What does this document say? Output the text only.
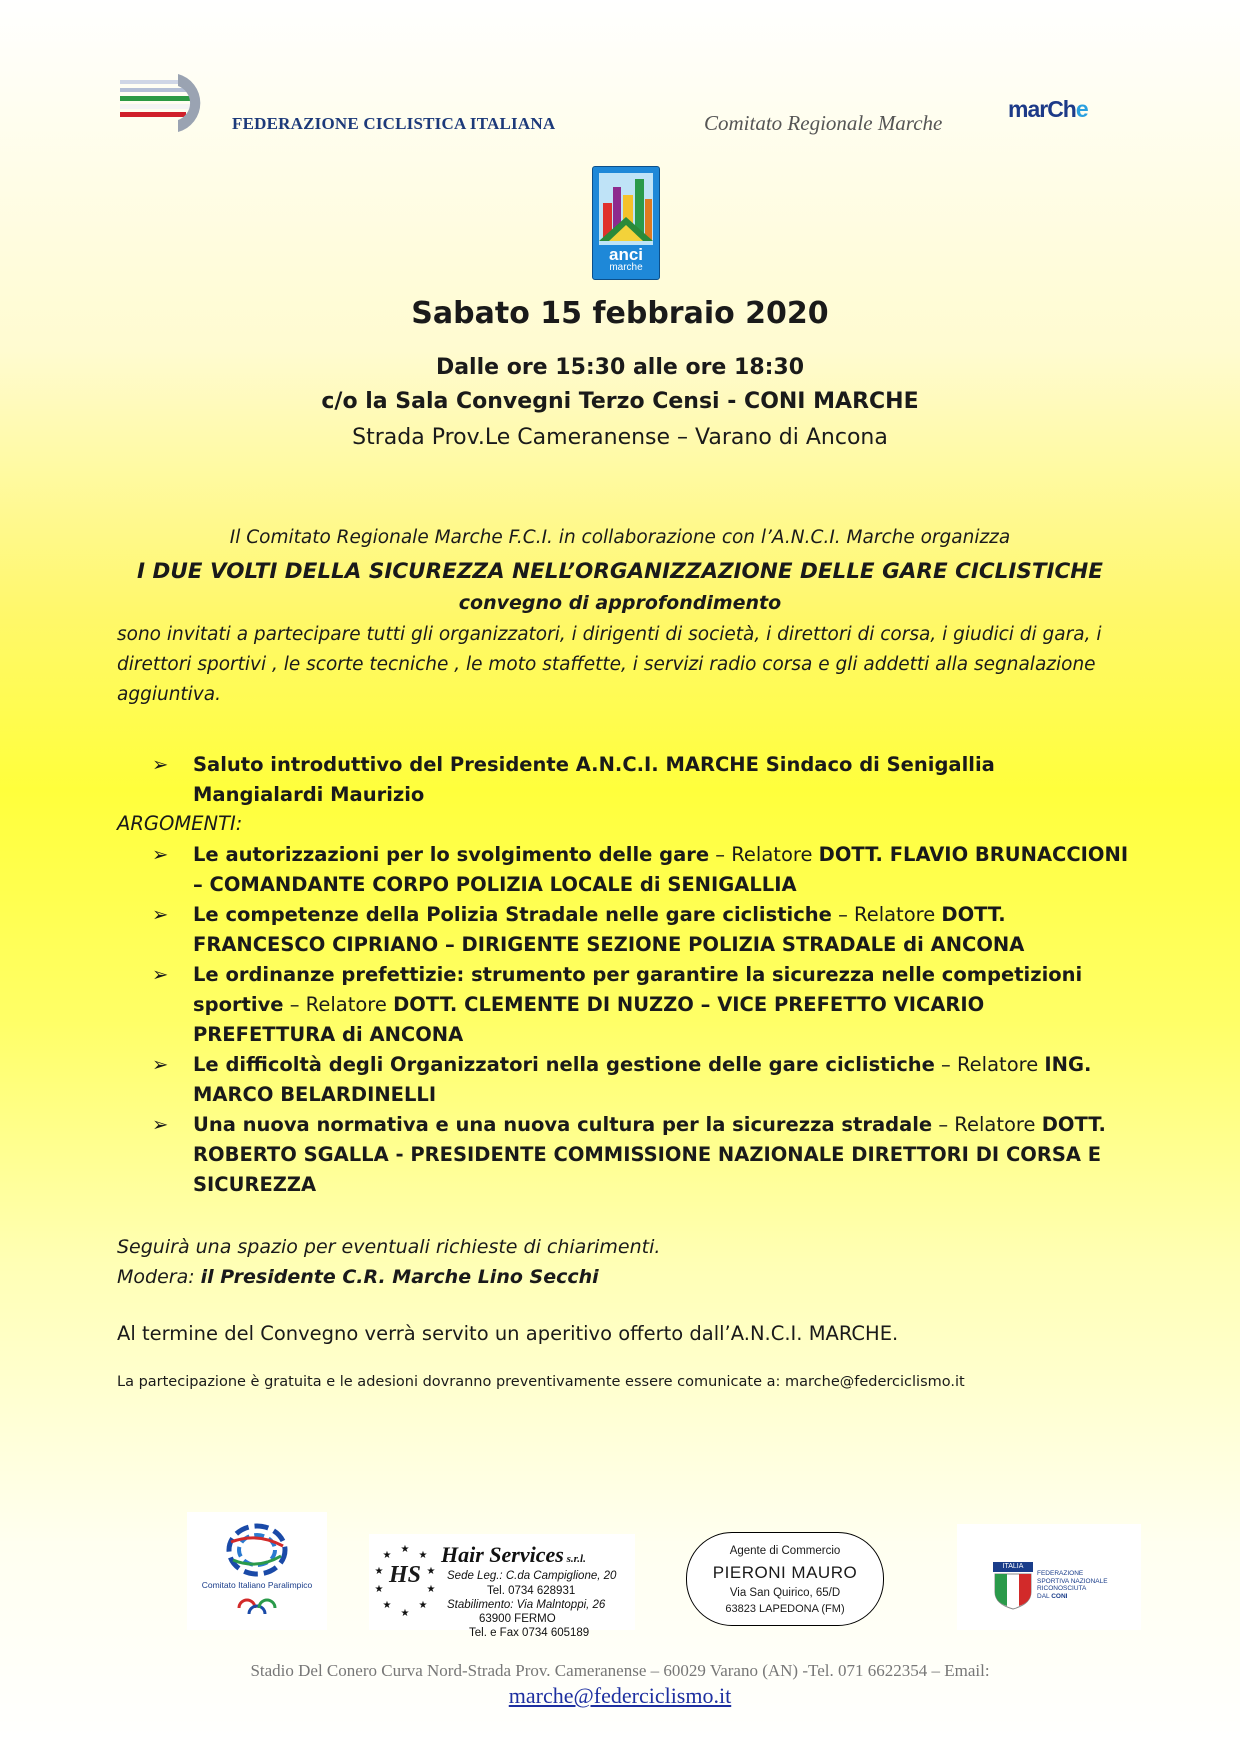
FEDERAZIONE CICLISTICA ITALIANA	Comitato Regionale Marche
marChe
anci
marche
Sabato 15 febbraio 2020
Dalle ore 15:30 alle ore 18:30
c/o la Sala Convegni Terzo Censi - CONI MARCHE
Strada Prov.Le Cameranense – Varano di Ancona
Il Comitato Regionale Marche F.C.I. in collaborazione con l’A.N.C.I. Marche organizza
I DUE VOLTI DELLA SICUREZZA NELL’ORGANIZZAZIONE DELLE GARE CICLISTICHE
convegno di approfondimento
sono invitati a partecipare tutti gli organizzatori, i dirigenti di società, i direttori di corsa, i giudici di gara, i direttori sportivi , le scorte tecniche , le moto staffette, i servizi radio corsa e gli addetti alla segnalazione aggiuntiva.
➢ Saluto introduttivo del Presidente A.N.C.I. MARCHE Sindaco di Senigallia Mangialardi Maurizio
ARGOMENTI:
➢ Le autorizzazioni per lo svolgimento delle gare – Relatore DOTT. FLAVIO BRUNACCIONI – COMANDANTE CORPO POLIZIA LOCALE di SENIGALLIA
➢ Le competenze della Polizia Stradale nelle gare ciclistiche – Relatore DOTT. FRANCESCO CIPRIANO – DIRIGENTE SEZIONE POLIZIA STRADALE di ANCONA
➢ Le ordinanze prefettizie: strumento per garantire la sicurezza nelle competizioni sportive – Relatore DOTT. CLEMENTE DI NUZZO – VICE PREFETTO VICARIO PREFETTURA di ANCONA
➢ Le difficoltà degli Organizzatori nella gestione delle gare ciclistiche – Relatore ING. MARCO BELARDINELLI
➢ Una nuova normativa e una nuova cultura per la sicurezza stradale – Relatore DOTT. ROBERTO SGALLA - PRESIDENTE COMMISSIONE NAZIONALE DIRETTORI DI CORSA E SICUREZZA
Seguirà una spazio per eventuali richieste di chiarimenti.
Modera: il Presidente C.R. Marche Lino Secchi
Al termine del Convegno verrà servito un aperitivo offerto dall’A.N.C.I. MARCHE.
La partecipazione è gratuita e le adesioni dovranno preventivamente essere comunicate a: marche@federciclismo.it
Comitato Italiano Paralimpico
★
★
★
★
★
★
★
★
★
★
HS
Hair Services s.r.l.
Sede Leg.: C.da Campiglione, 20
Tel. 0734 628931
Stabilimento: Via Malntoppi, 26
63900 FERMO
Tel. e Fax 0734 605189
Agente di Commercio
PIERONI MAURO
Via San Quirico, 65/D
63823 LAPEDONA (FM)
ITALIA
FEDERAZIONE
SPORTIVA NAZIONALE
RICONOSCIUTA
DAL CONI
Stadio Del Conero Curva Nord-Strada Prov. Cameranense – 60029 Varano (AN) -Tel. 071 6622354 – Email:
marche@federciclismo.it
